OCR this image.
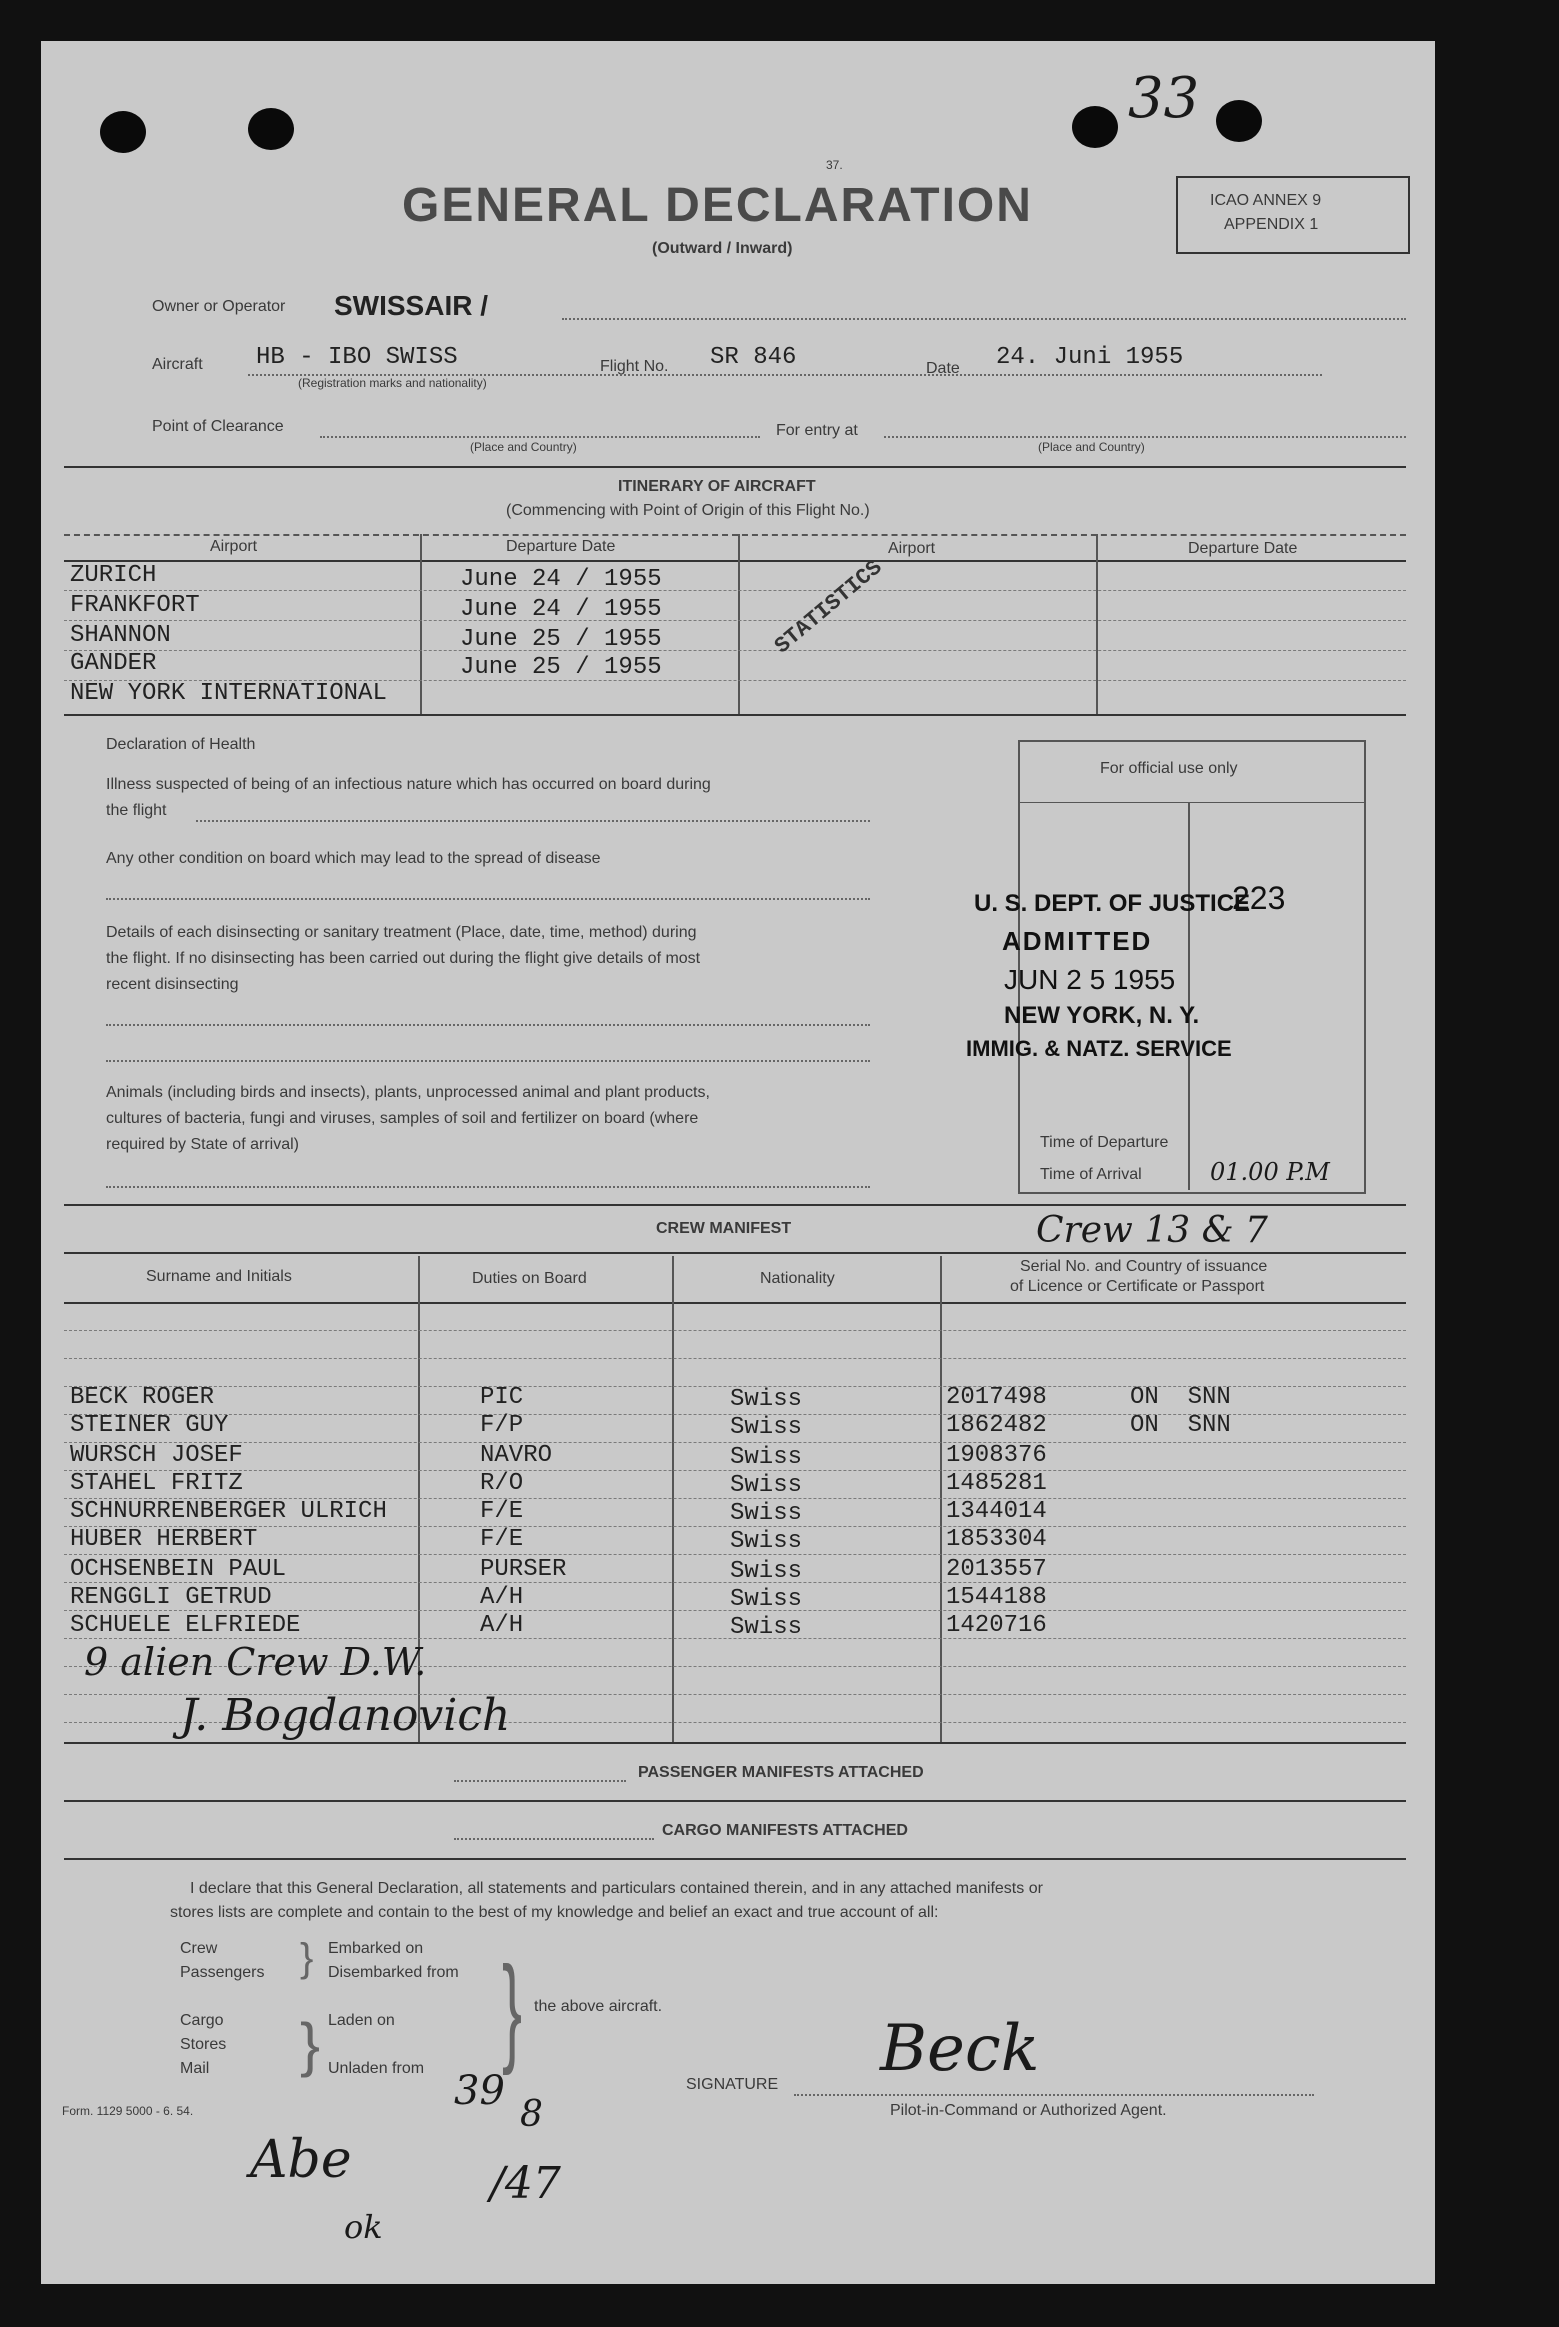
33
37.
GENERAL DECLARATION
(Outward / Inward)
ICAO ANNEX 9
APPENDIX 1
Owner or Operator SWISSAIR /
Aircraft HB - IBO SWISS
(Registration marks and nationality)
Flight No. SR 846	Date 24. Juni 1955
Point of Clearance
(Place and Country)
For entry at
(Place and Country)
ITINERARY OF AIRCRAFT
(Commencing with Point of Origin of this Flight No.)
Airport	Departure Date	Airport	Departure Date
ZURICH	June 24 / 1955
FRANKFORT	June 24 / 1955
SHANNON	June 25 / 1955
GANDER	June 25 / 1955
NEW YORK INTERNATIONAL
STATISTICS
Declaration of Health
Illness suspected of being of an infectious nature which has occurred on board during
the flight
Any other condition on board which may lead to the spread of disease
Details of each disinsecting or sanitary treatment (Place, date, time, method) during
the flight. If no disinsecting has been carried out during the flight give details of most
recent disinsecting
Animals (including birds and insects), plants, unprocessed animal and plant products,
cultures of bacteria, fungi and viruses, samples of soil and fertilizer on board (where
required by State of arrival)
For official use only
U. S. DEPT. OF JUSTICE
223
ADMITTED
JUN 2 5 1955
NEW YORK, N. Y.
IMMIG. & NATZ. SERVICE
Time of Departure
Time of Arrival	01.00 P.M
CREW MANIFEST	Crew 13 & 7
Surname and Initials	Duties on Board	Nationality
Serial No. and Country of issuance
of Licence or Certificate or Passport
BECK ROGER	PIC	Swiss	2017498	ON  SNN
STEINER GUY	F/P	Swiss	1862482	ON  SNN
WURSCH JOSEF	NAVRO	Swiss	1908376
STAHEL FRITZ	R/O	Swiss	1485281
SCHNURRENBERGER ULRICH	F/E	Swiss	1344014
HUBER HERBERT	F/E	Swiss	1853304
OCHSENBEIN PAUL	PURSER	Swiss	2013557
RENGGLI GETRUD	A/H	Swiss	1544188
SCHUELE ELFRIEDE	A/H	Swiss	1420716
9 alien Crew D.W.
J. Bogdanovich
PASSENGER MANIFESTS ATTACHED
CARGO MANIFESTS ATTACHED
I declare that this General Declaration, all statements and particulars contained therein, and in any attached manifests or
stores lists are complete and contain to the best of my knowledge and belief an exact and true account of all:
Crew
Passengers
Embarked on
Disembarked from
Cargo
Stores
Mail
Laden on
Unladen from
}
} } the above aircraft.
SIGNATURE Beck
Pilot-in-Command or Authorized Agent.
Form. 1129 5000 - 6. 54.
Abe
39
8
/47
ok
